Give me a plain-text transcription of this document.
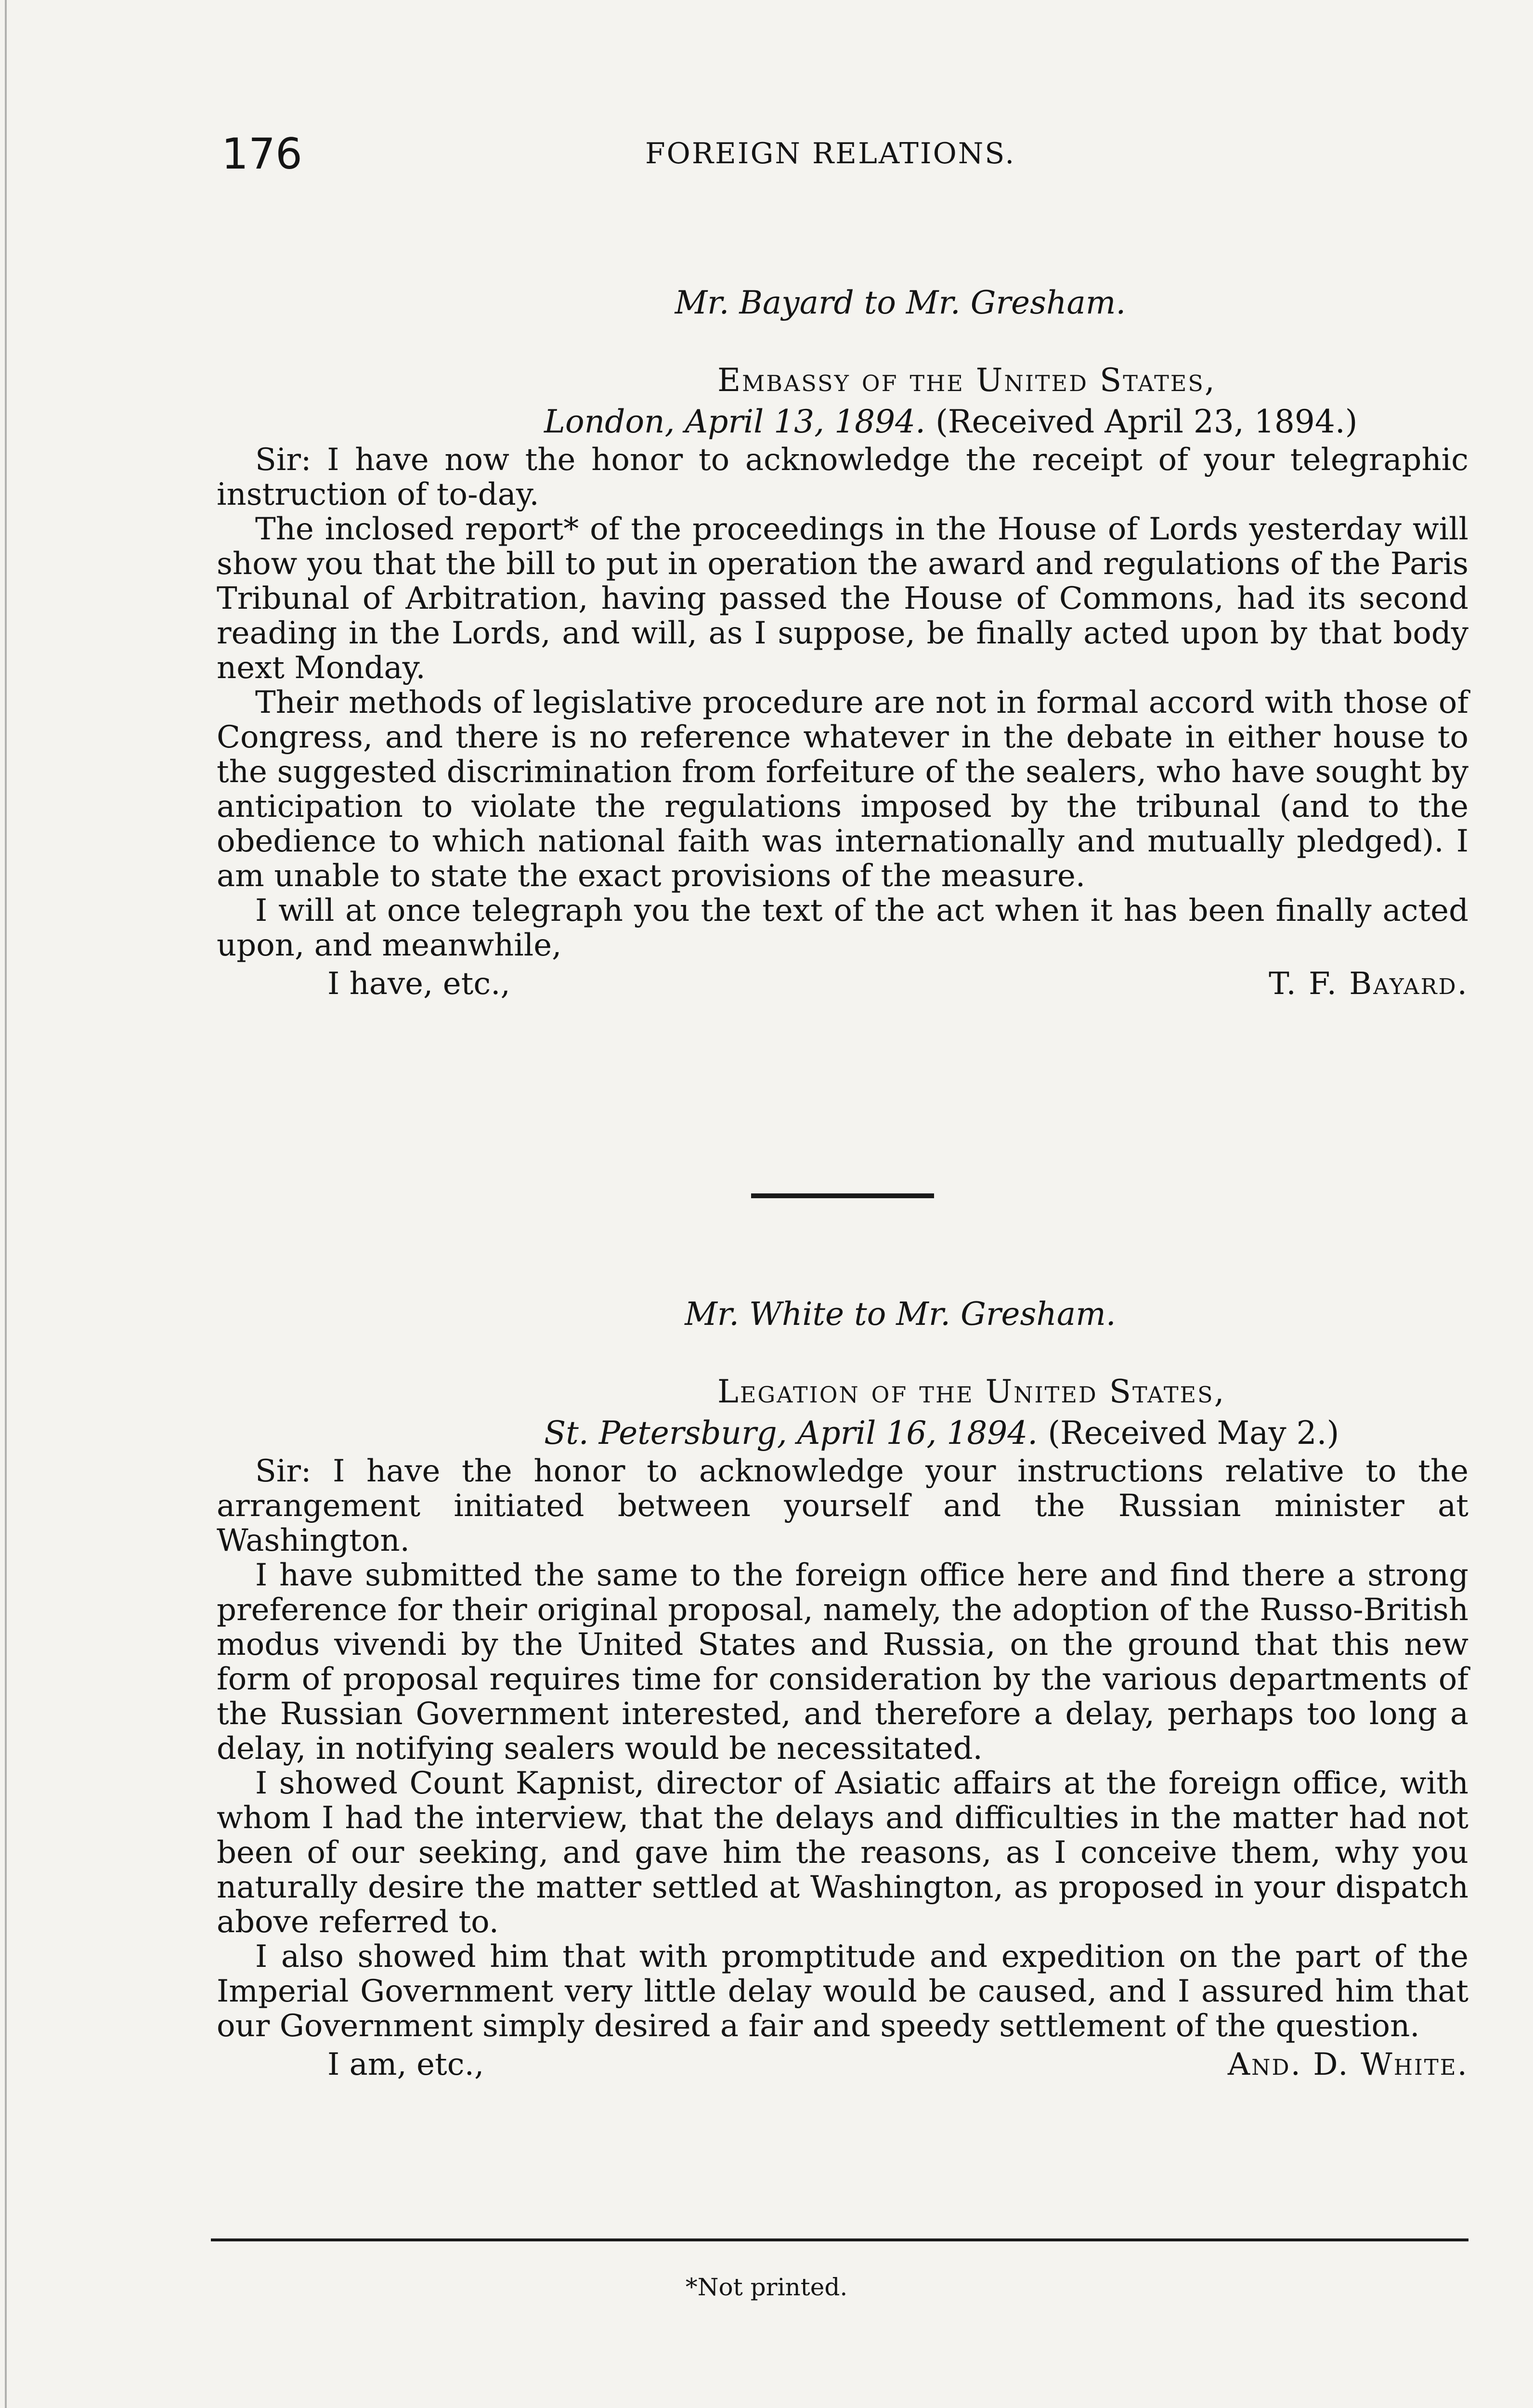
176	FOREIGN RELATIONS.

Mr. Bayard to Mr. Gresham.

Embassy of the United States,

London, April 13, 1894. (Received April 23, 1894.)

Sir: I have now the honor to acknowledge the receipt of your telegraphic instruction of to-day.

The inclosed report* of the proceedings in the House of Lords yesterday will show you that the bill to put in operation the award and regulations of the Paris Tribunal of Arbitration, having passed the House of Commons, had its second reading in the Lords, and will, as I suppose, be finally acted upon by that body next Monday.

Their methods of legislative procedure are not in formal accord with those of Congress, and there is no reference whatever in the debate in either house to the suggested discrimination from forfeiture of the sealers, who have sought by anticipation to violate the regulations imposed by the tribunal (and to the obedience to which national faith was internationally and mutually pledged). I am unable to state the exact provisions of the measure.

I will at once telegraph you the text of the act when it has been finally acted upon, and meanwhile,

I have, etc.,	T. F. Bayard.

Mr. White to Mr. Gresham.

Legation of the United States,

St. Petersburg, April 16, 1894. (Received May 2.)

Sir: I have the honor to acknowledge your instructions relative to the arrangement initiated between yourself and the Russian minister at Washington.

I have submitted the same to the foreign office here and find there a strong preference for their original proposal, namely, the adoption of the Russo-British modus vivendi by the United States and Russia, on the ground that this new form of proposal requires time for consideration by the various departments of the Russian Government interested, and therefore a delay, perhaps too long a delay, in notifying sealers would be necessitated.

I showed Count Kapnist, director of Asiatic affairs at the foreign office, with whom I had the interview, that the delays and difficulties in the matter had not been of our seeking, and gave him the reasons, as I conceive them, why you naturally desire the matter settled at Washington, as proposed in your dispatch above referred to.

I also showed him that with promptitude and expedition on the part of the Imperial Government very little delay would be caused, and I assured him that our Government simply desired a fair and speedy settlement of the question.

I am, etc.,	And. D. White.
*Not printed.
